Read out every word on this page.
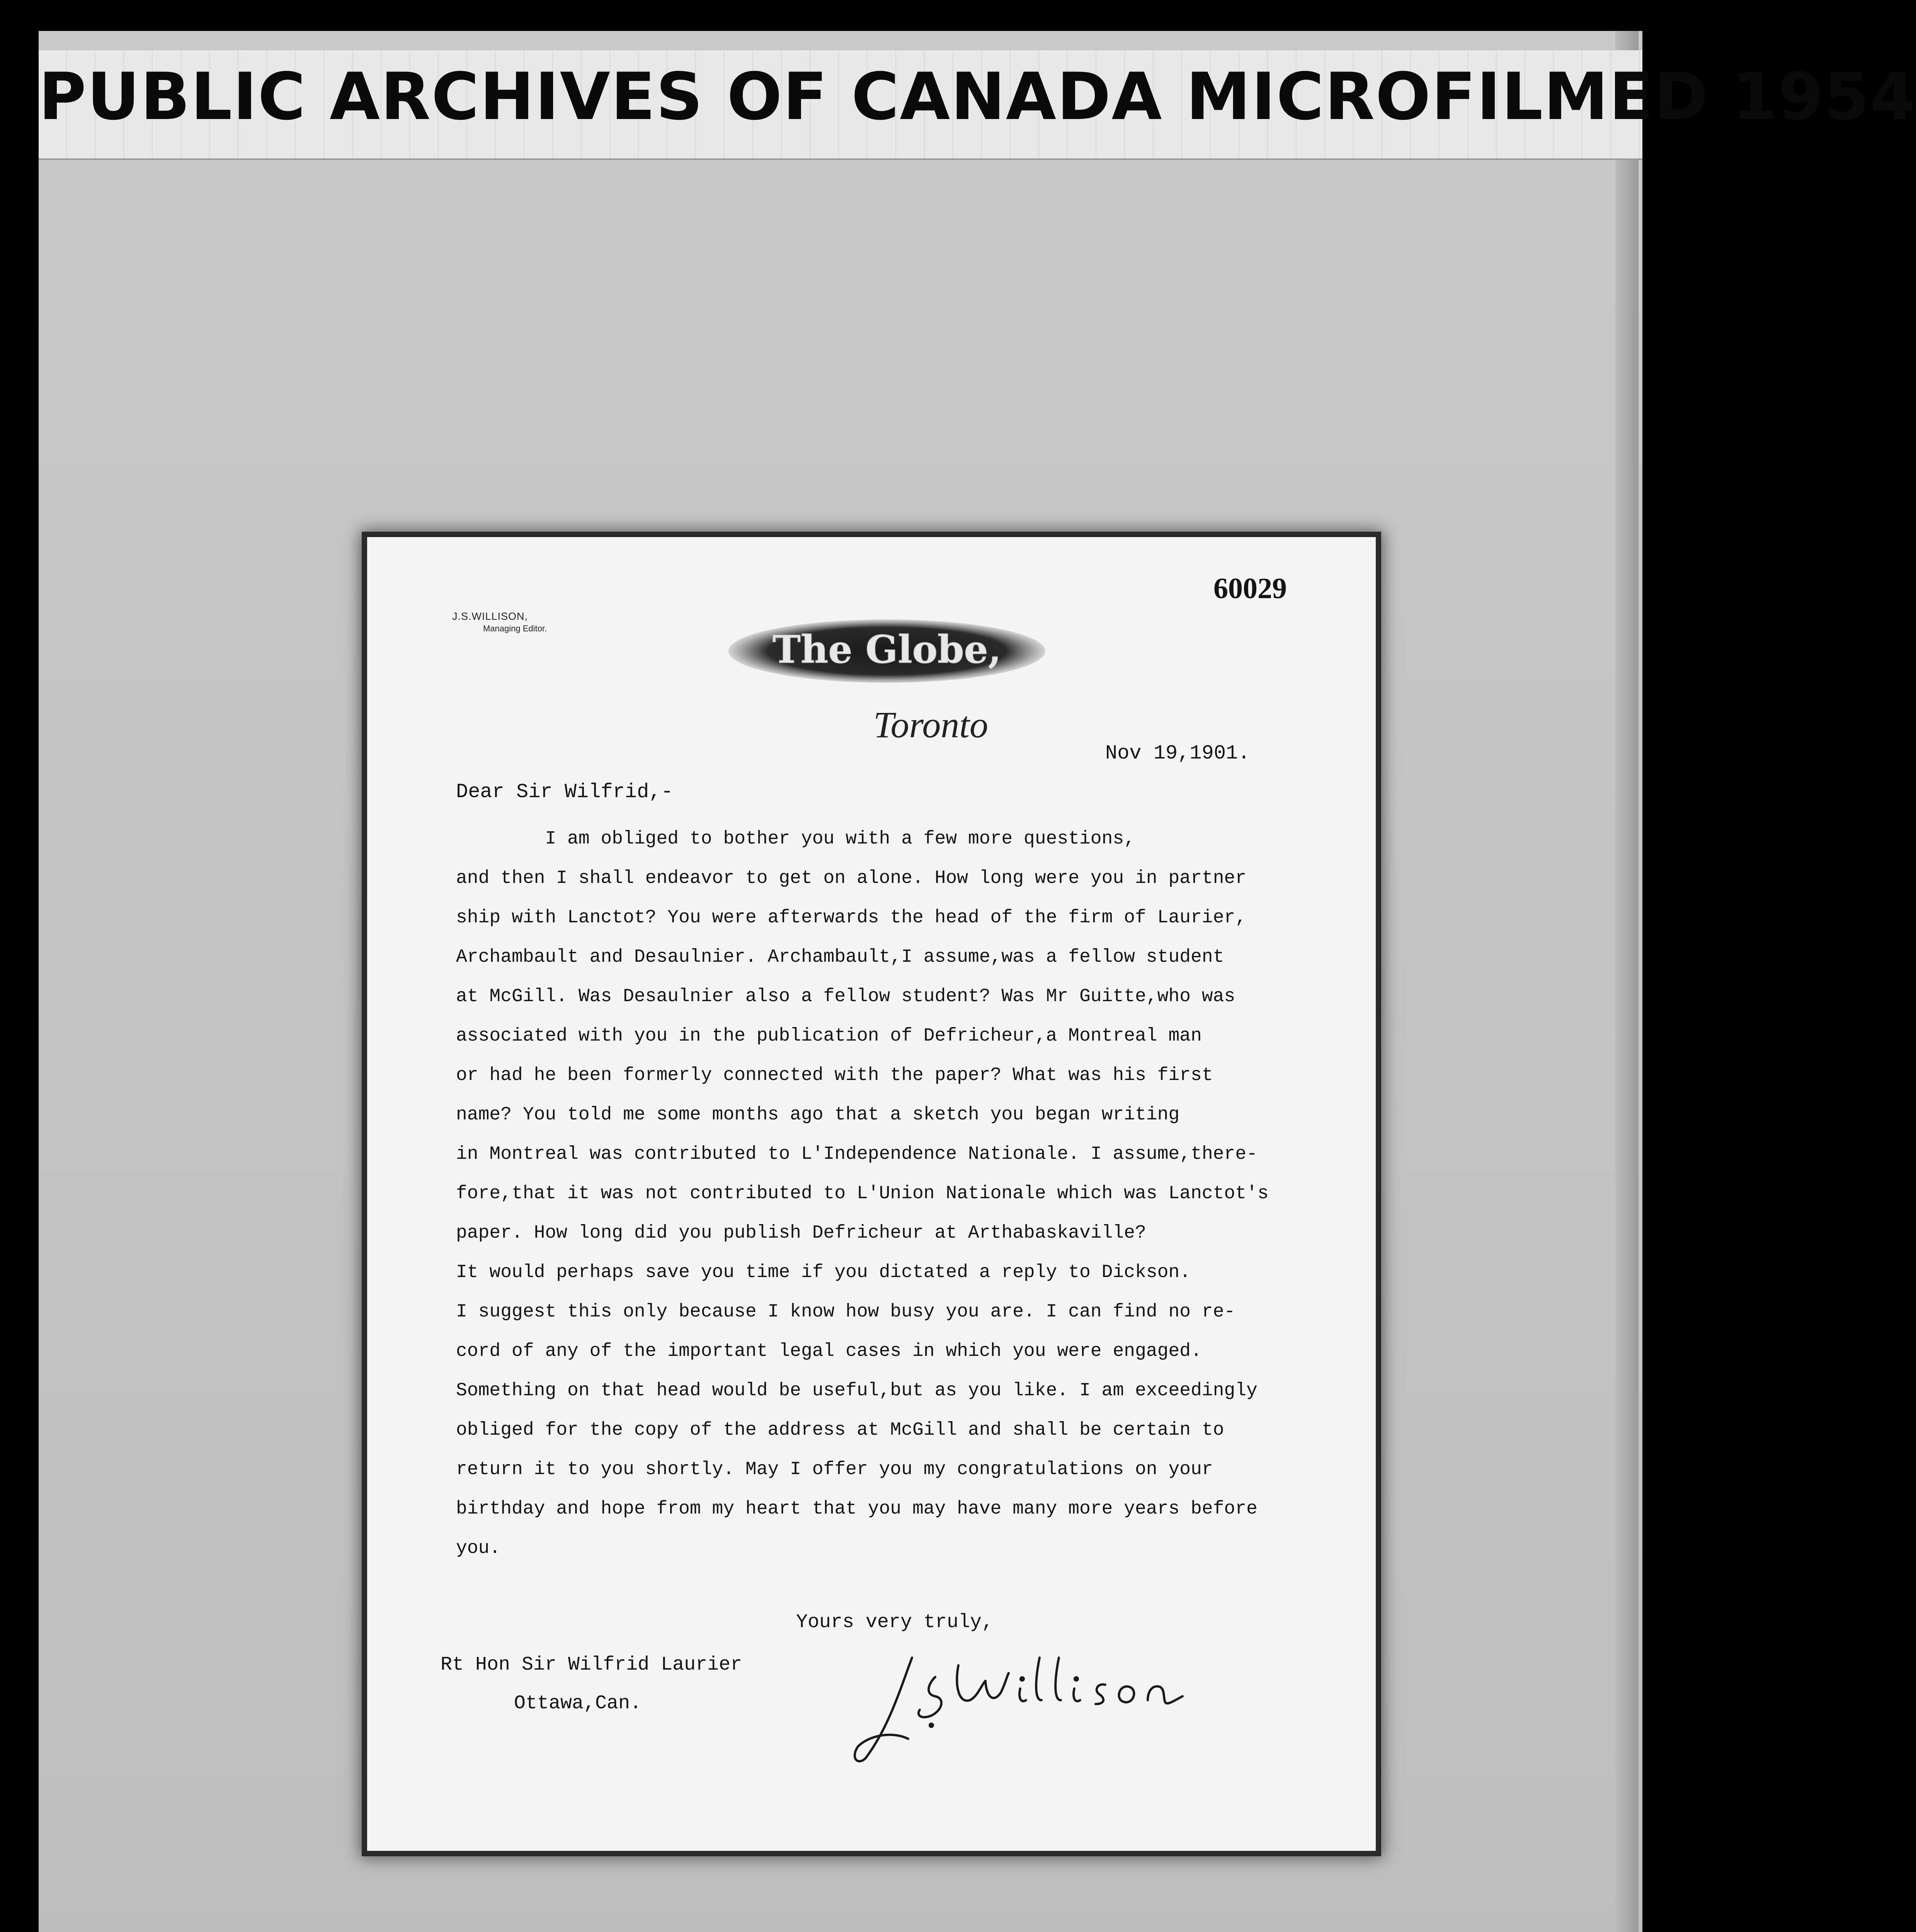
PUBLIC ARCHIVES OF CANADA MICROFILMED 1954
60029
J.S.WILLISON,
Managing Editor.	The Globe,
Toronto
Nov 19,1901.
Dear Sir Wilfrid,-
I am obliged to bother you with a few more questions,
and then I shall endeavor to get on alone. How long were you in partner
ship with Lanctot? You were afterwards the head of the firm of Laurier,
Archambault and Desaulnier. Archambault,I assume,was a fellow student
at McGill. Was Desaulnier also a fellow student? Was Mr Guitte,who was
associated with you in the publication of Defricheur,a Montreal man
or had he been formerly connected with the paper? What was his first
name? You told me some months ago that a sketch you began writing
in Montreal was contributed to L'Independence Nationale. I assume,there-
fore,that it was not contributed to L'Union Nationale which was Lanctot's
paper. How long did you publish Defricheur at Arthabaskaville?
It would perhaps save you time if you dictated a reply to Dickson.
I suggest this only because I know how busy you are. I can find no re-
cord of any of the important legal cases in which you were engaged.
Something on that head would be useful,but as you like. I am exceedingly
obliged for the copy of the address at McGill and shall be certain to
return it to you shortly. May I offer you my congratulations on your
birthday and hope from my heart that you may have many more years before
you.
Yours very truly,
Rt Hon Sir Wilfrid Laurier
Ottawa,Can.
